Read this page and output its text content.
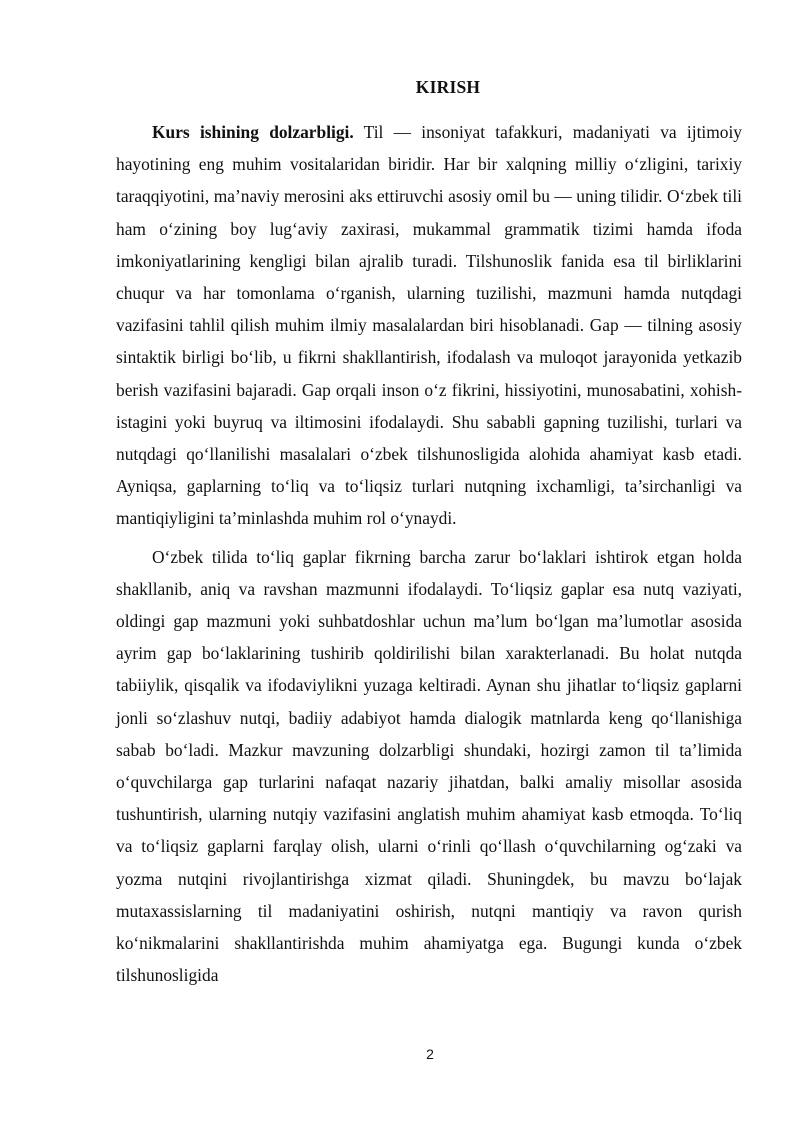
KIRISH

Kurs ishining dolzarbligi. Til — insoniyat tafakkuri, madaniyati va ijtimoiy hayotining eng muhim vositalaridan biridir. Har bir xalqning milliy o‘zligini, tarixiy taraqqiyotini, ma’naviy merosini aks ettiruvchi asosiy omil bu — uning tilidir. O‘zbek tili ham o‘zining boy lug‘aviy zaxirasi, mukammal grammatik tizimi hamda ifoda imkoniyatlarining kengligi bilan ajralib turadi. Tilshunoslik fanida esa til birliklarini chuqur va har tomonlama o‘rganish, ularning tuzilishi, mazmuni hamda nutqdagi vazifasini tahlil qilish muhim ilmiy masalalardan biri hisoblanadi. Gap — tilning asosiy sintaktik birligi bo‘lib, u fikrni shakllantirish, ifodalash va muloqot jarayonida yetkazib berish vazifasini bajaradi. Gap orqali inson o‘z fikrini, hissiyotini, munosabatini, xohish-istagini yoki buyruq va iltimosini ifodalaydi. Shu sababli gapning tuzilishi, turlari va nutqdagi qo‘llanilishi masalalari o‘zbek tilshunosligida alohida ahamiyat kasb etadi. Ayniqsa, gaplarning to‘liq va to‘liqsiz turlari nutqning ixchamligi, ta’sirchanligi va mantiqiyligini ta’minlashda muhim rol o‘ynaydi.

O‘zbek tilida to‘liq gaplar fikrning barcha zarur bo‘laklari ishtirok etgan holda shakllanib, aniq va ravshan mazmunni ifodalaydi. To‘liqsiz gaplar esa nutq vaziyati, oldingi gap mazmuni yoki suhbatdoshlar uchun ma’lum bo‘lgan ma’lumotlar asosida ayrim gap bo‘laklarining tushirib qoldirilishi bilan xarakterlanadi. Bu holat nutqda tabiiylik, qisqalik va ifodaviylikni yuzaga keltiradi. Aynan shu jihatlar to‘liqsiz gaplarni jonli so‘zlashuv nutqi, badiiy adabiyot hamda dialogik matnlarda keng qo‘llanishiga sabab bo‘ladi. Mazkur mavzuning dolzarbligi shundaki, hozirgi zamon til ta’limida o‘quvchilarga gap turlarini nafaqat nazariy jihatdan, balki amaliy misollar asosida tushuntirish, ularning nutqiy vazifasini anglatish muhim ahamiyat kasb etmoqda. To‘liq va to‘liqsiz gaplarni farqlay olish, ularni o‘rinli qo‘llash o‘quvchilarning og‘zaki va yozma nutqini rivojlantirishga xizmat qiladi. Shuningdek, bu mavzu bo‘lajak mutaxassislarning til madaniyatini oshirish, nutqni mantiqiy va ravon qurish ko‘nikmalarini shakllantirishda muhim ahamiyatga ega. Bugungi kunda o‘zbek tilshunosligida

2
